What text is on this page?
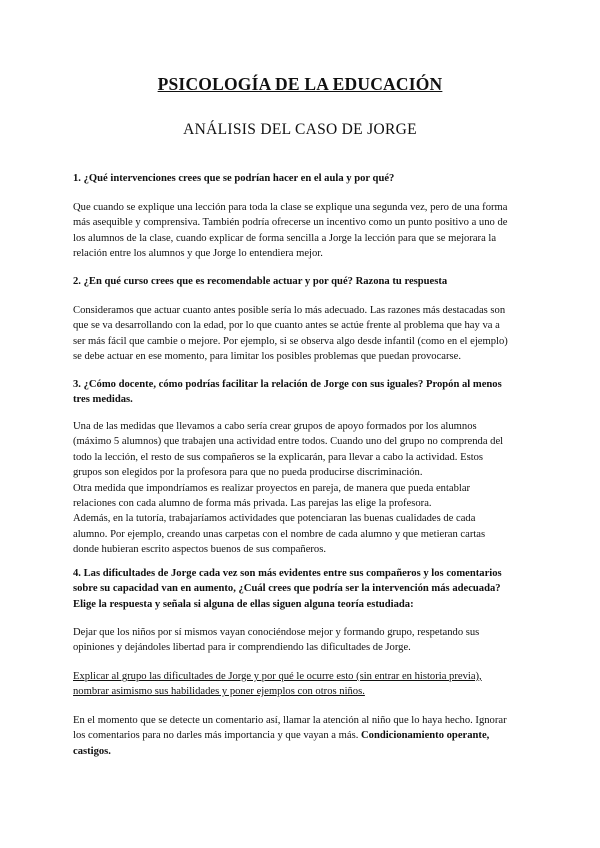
PSICOLOGÍA DE LA EDUCACIÓN
ANÁLISIS DEL CASO DE JORGE
1. ¿Qué intervenciones crees que se podrían hacer en el aula y por qué?
Que cuando se explique una lección para toda la clase se explique una segunda vez, pero de una forma
más asequible y comprensiva. También podría ofrecerse un incentivo como un punto positivo a uno de
los alumnos de la clase, cuando explicar de forma sencilla a Jorge la lección para que se mejorara la
relación entre los alumnos y que Jorge lo entendiera mejor.
2. ¿En qué curso crees que es recomendable actuar y por qué? Razona tu respuesta
Consideramos que actuar cuanto antes posible sería lo más adecuado. Las razones más destacadas son
que se va desarrollando con la edad, por lo que cuanto antes se actúe frente al problema que hay va a
ser más fácil que cambie o mejore. Por ejemplo, si se observa algo desde infantil (como en el ejemplo)
se debe actuar en ese momento, para limitar los posibles problemas que puedan provocarse.
3. ¿Cómo docente, cómo podrías facilitar la relación de Jorge con sus iguales? Propón al menos
tres medidas.
Una de las medidas que llevamos a cabo sería crear grupos de apoyo formados por los alumnos
(máximo 5 alumnos) que trabajen una actividad entre todos. Cuando uno del grupo no comprenda del
todo la lección, el resto de sus compañeros se la explicarán, para llevar a cabo la actividad. Estos
grupos son elegidos por la profesora para que no pueda producirse discriminación.
Otra medida que impondríamos es realizar proyectos en pareja, de manera que pueda entablar
relaciones con cada alumno de forma más privada. Las parejas las elige la profesora.
Además, en la tutoría, trabajaríamos actividades que potenciaran las buenas cualidades de cada
alumno. Por ejemplo, creando unas carpetas con el nombre de cada alumno y que metieran cartas
donde hubieran escrito aspectos buenos de sus compañeros.
4. Las dificultades de Jorge cada vez son más evidentes entre sus compañeros y los comentarios
sobre su capacidad van en aumento, ¿Cuál crees que podría ser la intervención más adecuada?
Elige la respuesta y señala si alguna de ellas siguen alguna teoría estudiada:
Dejar que los niños por sí mismos vayan conociéndose mejor y formando grupo, respetando sus
opiniones y dejándoles libertad para ir comprendiendo las dificultades de Jorge.
Explicar al grupo las dificultades de Jorge y por qué le ocurre esto (sin entrar en historia previa),
nombrar asimismo sus habilidades y poner ejemplos con otros niños.
En el momento que se detecte un comentario así, llamar la atención al niño que lo haya hecho. Ignorar
los comentarios para no darles más importancia y que vayan a más. Condicionamiento operante,
castigos.
